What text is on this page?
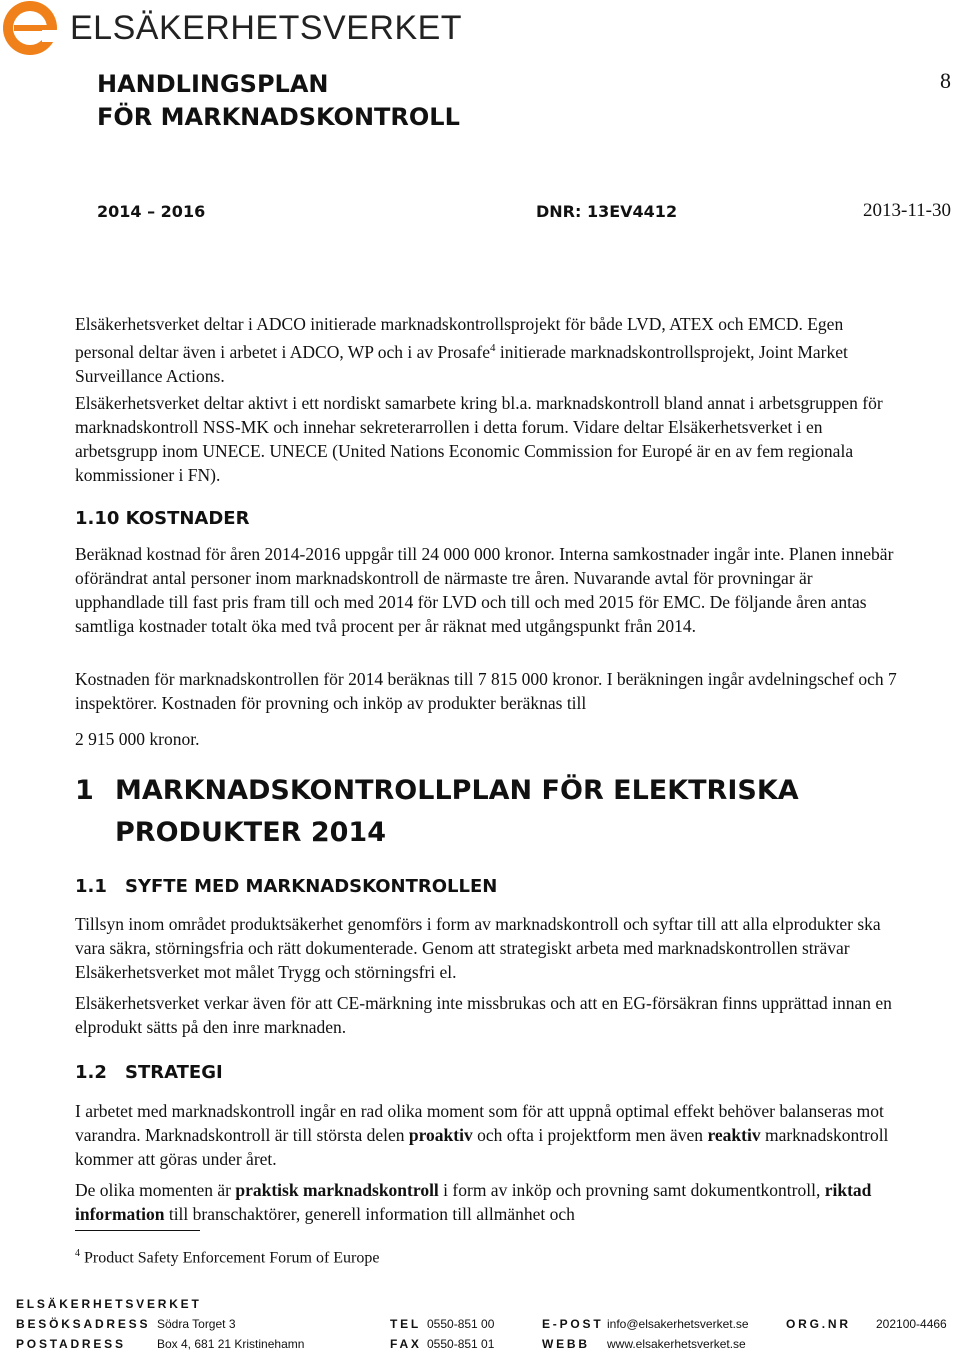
ELSÄKERHETSVERKET
HANDLINGSPLAN
FÖR MARKNADSKONTROLL
8
2014 – 2016	DNR: 13EV4412	2013-11-30

Elsäkerhetsverket deltar i ADCO initierade marknadskontrollsprojekt för både LVD, ATEX och EMCD. Egen personal deltar även i arbetet i ADCO, WP och i av Prosafe$^4$ initierade marknadskontrollsprojekt, Joint Market Surveillance Actions.

Elsäkerhetsverket deltar aktivt i ett nordiskt samarbete kring bl.a. marknadskontroll bland annat i arbetsgruppen för marknadskontroll NSS-MK och innehar sekreterarrollen i detta forum. Vidare deltar Elsäkerhetsverket i en arbetsgrupp inom UNECE. UNECE (United Nations Economic Commission for Europé är en av fem regionala kommissioner i FN).

1.10 KOSTNADER

Beräknad kostnad för åren 2014-2016 uppgår till 24 000 000 kronor. Interna samkostnader ingår inte. Planen innebär oförändrat antal personer inom marknadskontroll de närmaste tre åren. Nuvarande avtal för provningar är upphandlade till fast pris fram till och med 2014 för LVD och till och med 2015 för EMC. De följande åren antas samtliga kostnader totalt öka med två procent per år räknat med utgångspunkt från 2014.

Kostnaden för marknadskontrollen för 2014 beräknas till 7 815 000 kronor. I beräkningen ingår avdelningschef och 7 inspektörer. Kostnaden för provning och inköp av produkter beräknas till

2 915 000 kronor.

1 MARKNADSKONTROLLPLAN FÖR ELEKTRISKA
PRODUKTER 2014
1.1 SYFTE MED MARKNADSKONTROLLEN

Tillsyn inom området produktsäkerhet genomförs i form av marknadskontroll och syftar till att alla elprodukter ska vara säkra, störningsfria och rätt dokumenterade. Genom att strategiskt arbeta med marknadskontrollen strävar Elsäkerhetsverket mot målet Trygg och störningsfri el.

Elsäkerhetsverket verkar även för att CE-märkning inte missbrukas och att en EG-försäkran finns upprättad innan en elprodukt sätts på den inre marknaden.

1.2 STRATEGI

I arbetet med marknadskontroll ingår en rad olika moment som för att uppnå optimal effekt behöver balanseras mot varandra. Marknadskontroll är till största delen proaktiv och ofta i projektform men även reaktiv marknadskontroll kommer att göras under året.

De olika momenten är praktisk marknadskontroll i form av inköp och provning samt dokumentkontroll, riktad information till branschaktörer, generell information till allmänhet och

$^4$ Product Safety Enforcement Forum of Europe
ELSÄKERHETSVERKET
BESÖKSADRESS Södra Torget 3	TEL 0550-851 00	E-POST info@elsakerhetsverket.se	ORG.NR 202100-4466
POSTADRESS	Box 4, 681 21 Kristinehamn	FAX 0550-851 01	WEBB www.elsakerhetsverket.se
